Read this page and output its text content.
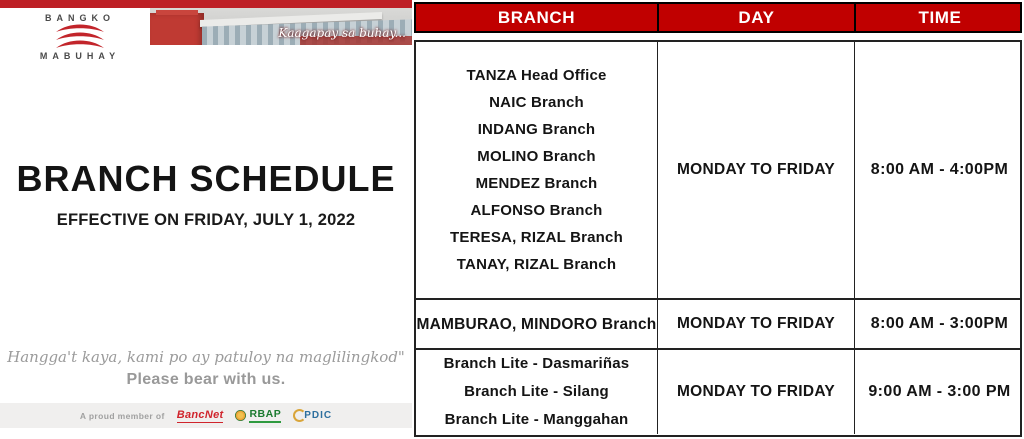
BANGKO
MABUHAY
Kaagapay sa buhay...
BRANCH SCHEDULE
EFFECTIVE ON FRIDAY, JULY 1, 2022
Hangga't kaya, kami po ay patuloy na maglilingkod"
Please bear with us.
A proud member of BancNet RBAP PDIC
BRANCH	DAY	TIME
TANZA Head Office
NAIC Branch
INDANG Branch
MOLINO Branch
MENDEZ Branch
ALFONSO Branch
TERESA, RIZAL Branch
TANAY, RIZAL Branch
MONDAY TO FRIDAY 8:00 AM - 4:00PM
MAMBURAO, MINDORO Branch MONDAY TO FRIDAY 8:00 AM - 3:00PM
Branch Lite - Dasmariñas
Branch Lite - Silang
Branch Lite - Manggahan
MONDAY TO FRIDAY 9:00 AM - 3:00 PM
